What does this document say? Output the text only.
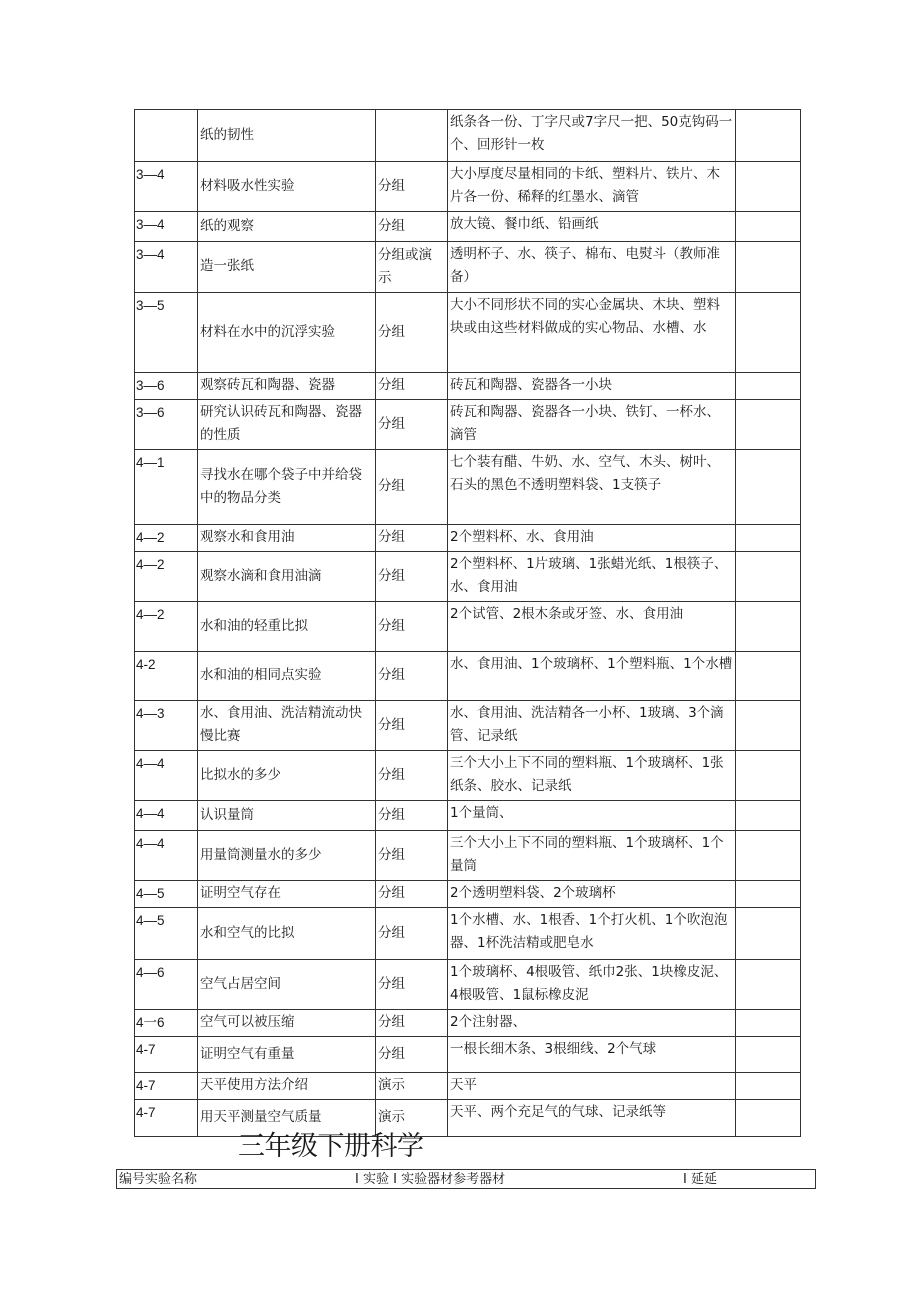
	纸的韧性		纸条各一份、丁字尺或7字尺一把、50克钩码一个、回形针一枚	
3—4	材料吸水性实验	分组	大小厚度尽量相同的卡纸、塑料片、铁片、木片各一份、稀释的红墨水、滴管	
3—4	纸的观察	分组	放大镜、餐巾纸、铅画纸	
3—4	造一张纸	分组或演示	透明杯子、水、筷子、棉布、电熨斗（教师准备）	
3—5	材料在水中的沉浮实验	分组	大小不同形状不同的实心金属块、木块、塑料块或由这些材料做成的实心物品、水槽、水	
3—6	观察砖瓦和陶器、瓷器	分组	砖瓦和陶器、瓷器各一小块	
3—6	研究认识砖瓦和陶器、瓷器的性质	分组	砖瓦和陶器、瓷器各一小块、铁钉、一杯水、滴管	
4—1	寻找水在哪个袋子中并给袋中的物品分类	分组	七个装有醋、牛奶、水、空气、木头、树叶、石头的黑色不透明塑料袋、1支筷子	
4—2	观察水和食用油	分组	2个塑料杯、水、食用油	
4—2	观察水滴和食用油滴	分组	2个塑料杯、1片玻璃、1张蜡光纸、1根筷子、水、食用油	
4—2	水和油的轻重比拟	分组	2个试管、2根木条或牙签、水、食用油	
4-2	水和油的相同点实验	分组	水、食用油、1个玻璃杯、1个塑料瓶、1个水槽	
4—3	水、食用油、洗洁精流动快慢比赛	分组	水、食用油、洗洁精各一小杯、1玻璃、3个滴管、记录纸	
4—4	比拟水的多少	分组	三个大小上下不同的塑料瓶、1个玻璃杯、1张纸条、胶水、记录纸	
4—4	认识量筒	分组	1个量筒、	
4—4	用量筒测量水的多少	分组	三个大小上下不同的塑料瓶、1个玻璃杯、1个量筒	
4—5	证明空气存在	分组	2个透明塑料袋、2个玻璃杯	
4—5	水和空气的比拟	分组	1个水槽、水、1根香、1个打火机、1个吹泡泡器、1杯洗洁精或肥皂水	
4—6	空气占居空间	分组	1个玻璃杯、4根吸管、纸巾2张、1块橡皮泥、4根吸管、1鼠标橡皮泥	
4一6	空气可以被压缩	分组	2个注射器、	
4-7	证明空气有重量	分组	一根长细木条、3根细线、2个气球	
4-7	天平使用方法介绍	演示	天平	
4-7	用天平测量空气质量	演示	天平、两个充足气的气球、记录纸等	
三年级下册科学
编号实验名称	I 实验 I 实验器材参考器材	I 延延
